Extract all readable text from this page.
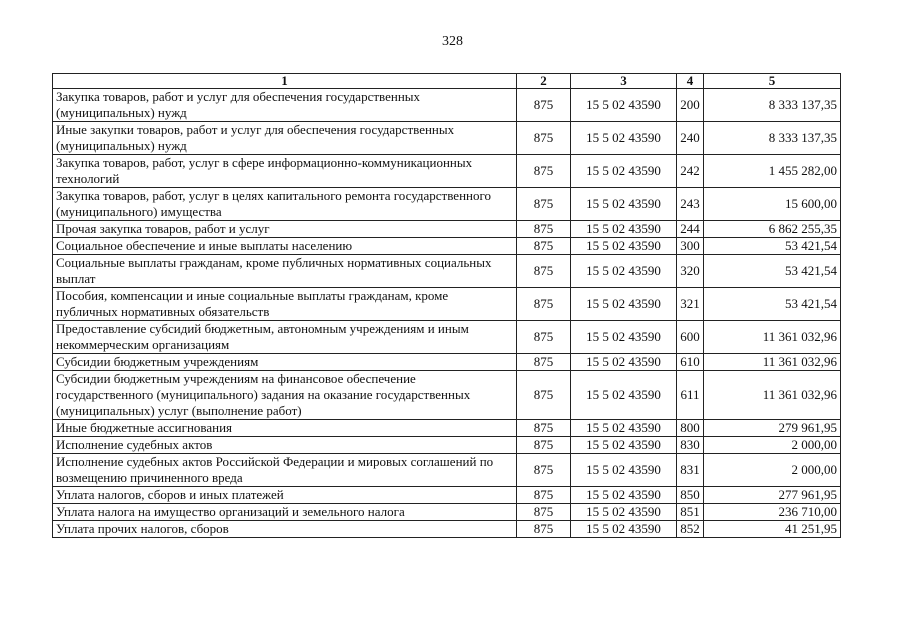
328
1	2	3	4	5
Закупка товаров, работ и услуг для обеспечения государственных (муниципальных) нужд	875	15 5 02 43590	200	8 333 137,35
Иные закупки товаров, работ и услуг для обеспечения государственных (муниципальных) нужд	875	15 5 02 43590	240	8 333 137,35
Закупка товаров, работ, услуг в сфере информационно-коммуникационных технологий	875	15 5 02 43590	242	1 455 282,00
Закупка товаров, работ, услуг в целях капитального ремонта государственного (муниципального) имущества	875	15 5 02 43590	243	15 600,00
Прочая закупка товаров, работ и услуг	875	15 5 02 43590	244	6 862 255,35
Социальное обеспечение и иные выплаты населению	875	15 5 02 43590	300	53 421,54
Социальные выплаты гражданам, кроме публичных нормативных социальных выплат	875	15 5 02 43590	320	53 421,54
Пособия, компенсации и иные социальные выплаты гражданам, кроме публичных нормативных обязательств	875	15 5 02 43590	321	53 421,54
Предоставление субсидий бюджетным, автономным учреждениям и иным некоммерческим организациям	875	15 5 02 43590	600	11 361 032,96
Субсидии бюджетным учреждениям	875	15 5 02 43590	610	11 361 032,96
Субсидии бюджетным учреждениям на финансовое обеспечение государственного (муниципального) задания на оказание государственных (муниципальных) услуг (выполнение работ)	875	15 5 02 43590	611	11 361 032,96
Иные бюджетные ассигнования	875	15 5 02 43590	800	279 961,95
Исполнение судебных актов	875	15 5 02 43590	830	2 000,00
Исполнение судебных актов Российской Федерации и мировых соглашений по возмещению причиненного вреда	875	15 5 02 43590	831	2 000,00
Уплата налогов, сборов и иных платежей	875	15 5 02 43590	850	277 961,95
Уплата налога на имущество организаций и земельного налога	875	15 5 02 43590	851	236 710,00
Уплата прочих налогов, сборов	875	15 5 02 43590	852	41 251,95
